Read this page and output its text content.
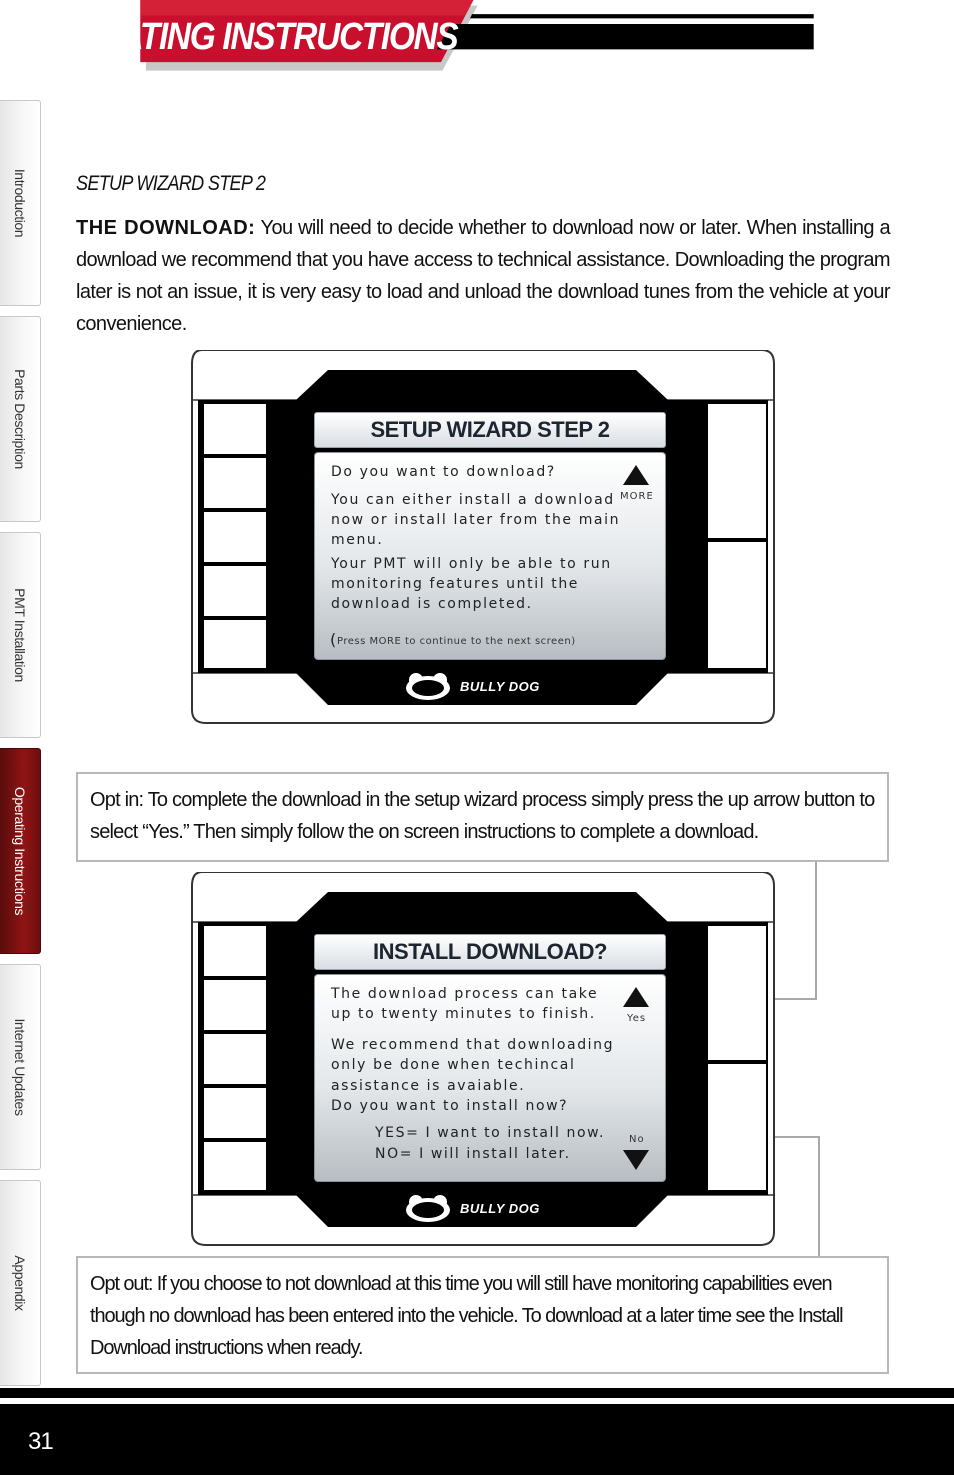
OPERATING INSTRUCTIONS
Introduction
Parts Description
PMT Installation
Operating Instructions
Internet Updates
Appendix
SETUP WIZARD STEP 2

THE DOWNLOAD: You will need to decide whether to download now or later. When installing a download we recommend that you have access to technical assistance. Downloading the program later is not an issue, it is very easy to load and unload the download tunes from the vehicle at your convenience.

SETUP WIZARD STEP 2
Do you want to download?
You can either install a download
now or install later from the main
menu.
Your PMT will only be able to run
monitoring features until the
download is completed.
( Press MORE to continue to the next screen)
MORE
BULLY DOG
Opt in: To complete the download in the setup wizard process simply press the up arrow button to select “Yes.” Then simply follow the on screen instructions to complete a download.
INSTALL DOWNLOAD?
The download process can take
up to twenty minutes to finish.
We recommend that downloading
only be done when techincal
assistance is avaiable.
Do you want to install now?
YES= I want to install now.
NO= I will install later.
Yes
No
BULLY DOG
Opt out: If you choose to not download at this time you will still have monitoring capabilities even though no download has been entered into the vehicle. To download at a later time see the Install Download instructions when ready.
31
